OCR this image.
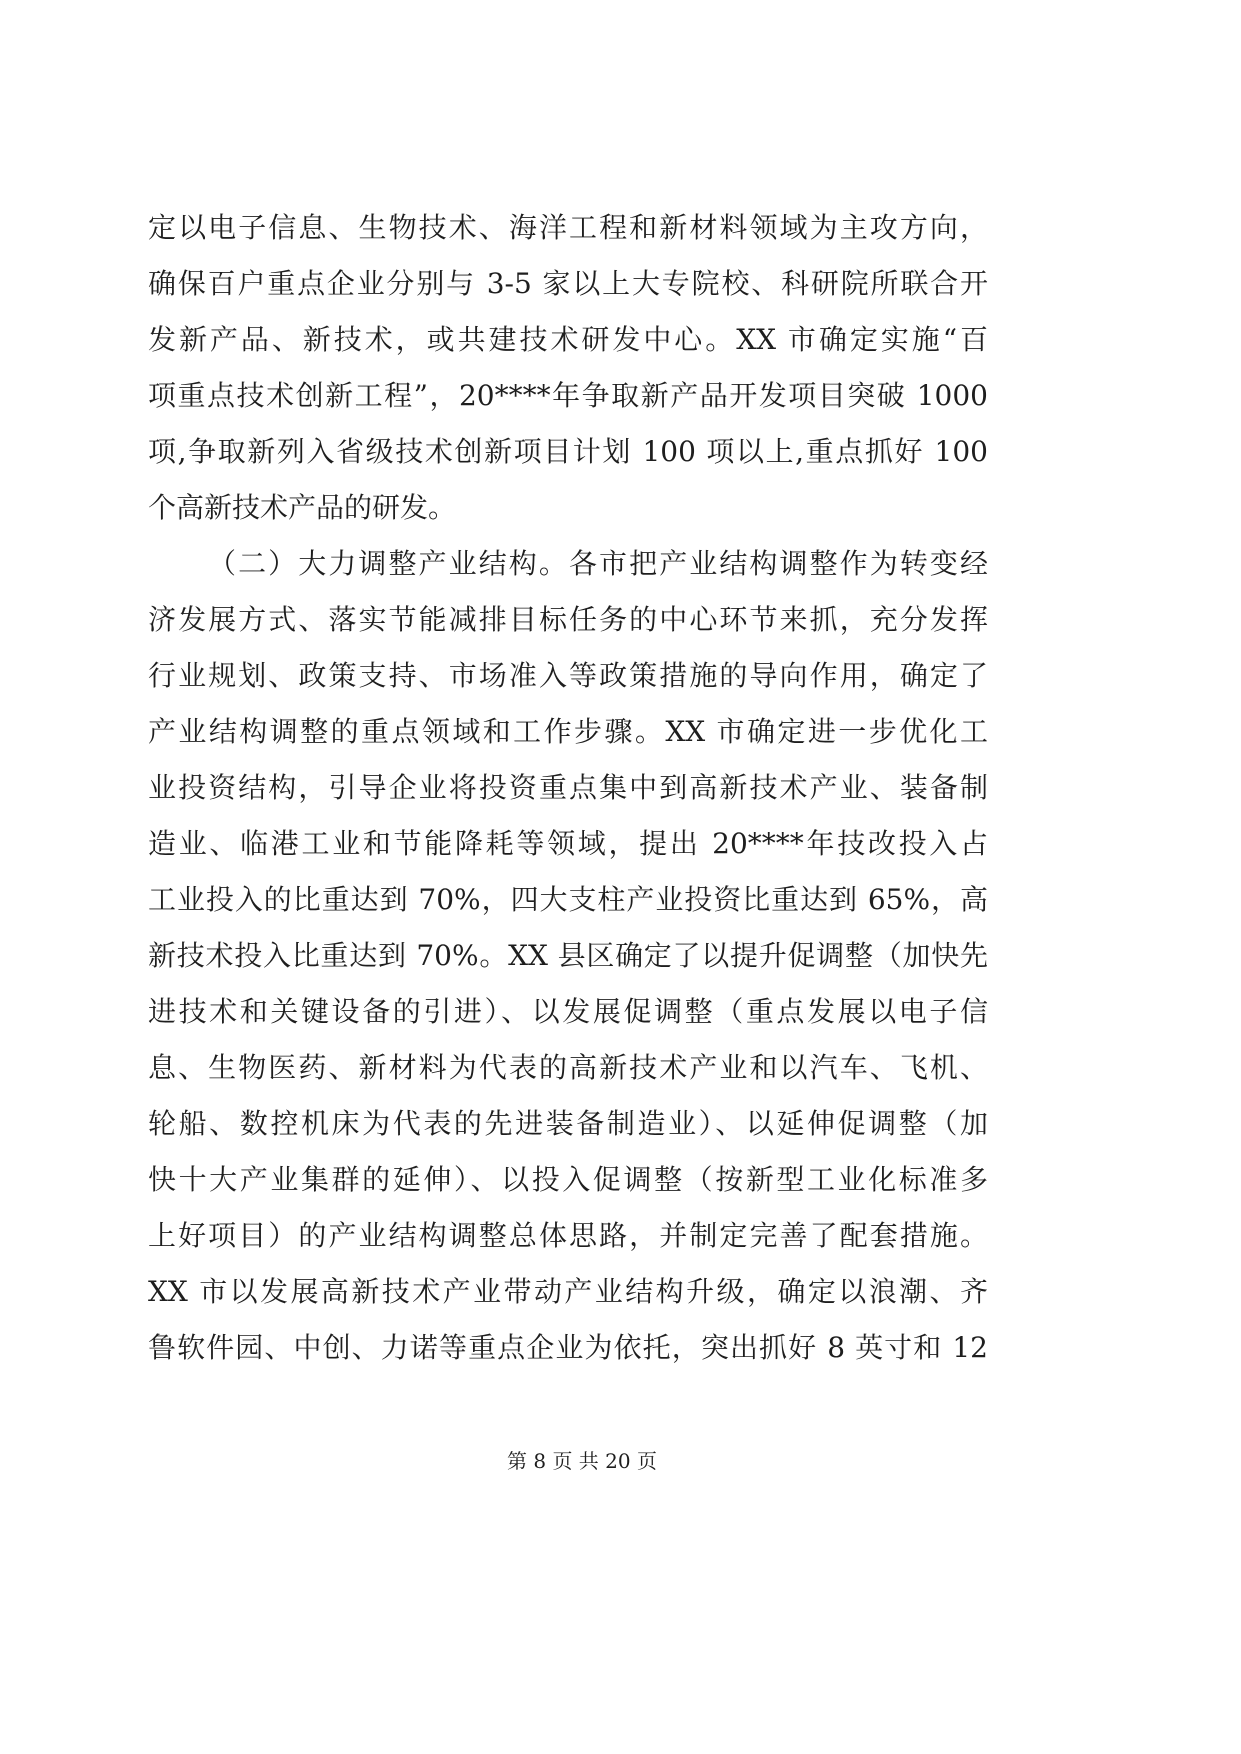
定以电子信息、生物技术、海洋工程和新材料领域为主攻方向，
确保百户重点企业分别与 3-5 家以上大专院校、科研院所联合开
发新产品、新技术，或共建技术研发中心。XX 市确定实施“百
项重点技术创新工程”，20****年争取新产品开发项目突破 1000
项,争取新列入省级技术创新项目计划 100 项以上,重点抓好 100
个高新技术产品的研发。
（二）大力调整产业结构。各市把产业结构调整作为转变经
济发展方式、落实节能减排目标任务的中心环节来抓，充分发挥
行业规划、政策支持、市场准入等政策措施的导向作用，确定了
产业结构调整的重点领域和工作步骤。XX 市确定进一步优化工
业投资结构，引导企业将投资重点集中到高新技术产业、装备制
造业、临港工业和节能降耗等领域，提出 20****年技改投入占
工业投入的比重达到 70%，四大支柱产业投资比重达到 65%，高
新技术投入比重达到 70%。XX 县区确定了以提升促调整（加快先
进技术和关键设备的引进）、以发展促调整（重点发展以电子信
息、生物医药、新材料为代表的高新技术产业和以汽车、飞机、
轮船、数控机床为代表的先进装备制造业）、以延伸促调整（加
快十大产业集群的延伸）、以投入促调整（按新型工业化标准多
上好项目）的产业结构调整总体思路，并制定完善了配套措施。
XX 市以发展高新技术产业带动产业结构升级，确定以浪潮、齐
鲁软件园、中创、力诺等重点企业为依托，突出抓好 8 英寸和 12
第 8 页 共 20 页
